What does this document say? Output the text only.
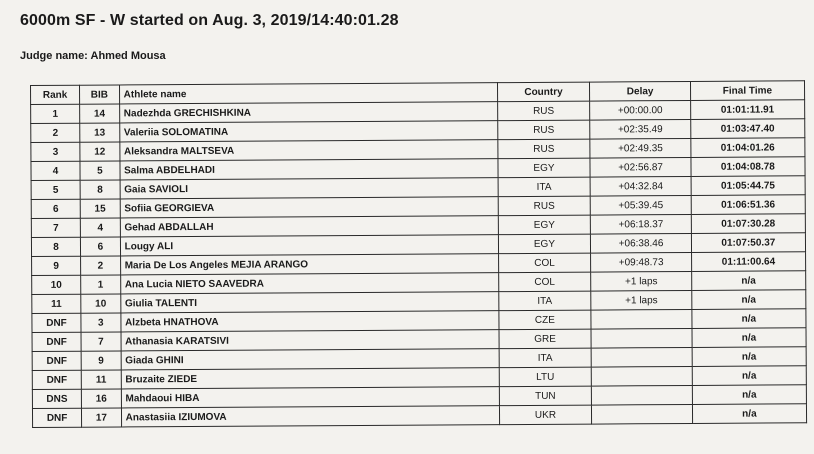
6000m SF - W started on Aug. 3, 2019/14:40:01.28
Judge name: Ahmed Mousa
Rank	BIB	Athlete name	Country	Delay	Final Time
1	14	Nadezhda GRECHISHKINA	RUS	+00:00.00	01:01:11.91
2	13	Valeriia SOLOMATINA	RUS	+02:35.49	01:03:47.40
3	12	Aleksandra MALTSEVA	RUS	+02:49.35	01:04:01.26
4	5	Salma ABDELHADI	EGY	+02:56.87	01:04:08.78
5	8	Gaia SAVIOLI	ITA	+04:32.84	01:05:44.75
6	15	Sofiia GEORGIEVA	RUS	+05:39.45	01:06:51.36
7	4	Gehad ABDALLAH	EGY	+06:18.37	01:07:30.28
8	6	Lougy ALI	EGY	+06:38.46	01:07:50.37
9	2	Maria De Los Angeles MEJIA ARANGO	COL	+09:48.73	01:11:00.64
10	1	Ana Lucia NIETO SAAVEDRA	COL	+1 laps	n/a
11	10	Giulia TALENTI	ITA	+1 laps	n/a
DNF	3	Alzbeta HNATHOVA	CZE		n/a
DNF	7	Athanasia KARATSIVI	GRE		n/a
DNF	9	Giada GHINI	ITA		n/a
DNF	11	Bruzaite ZIEDE	LTU		n/a
DNS	16	Mahdaoui HIBA	TUN		n/a
DNF	17	Anastasiia IZIUMOVA	UKR		n/a
